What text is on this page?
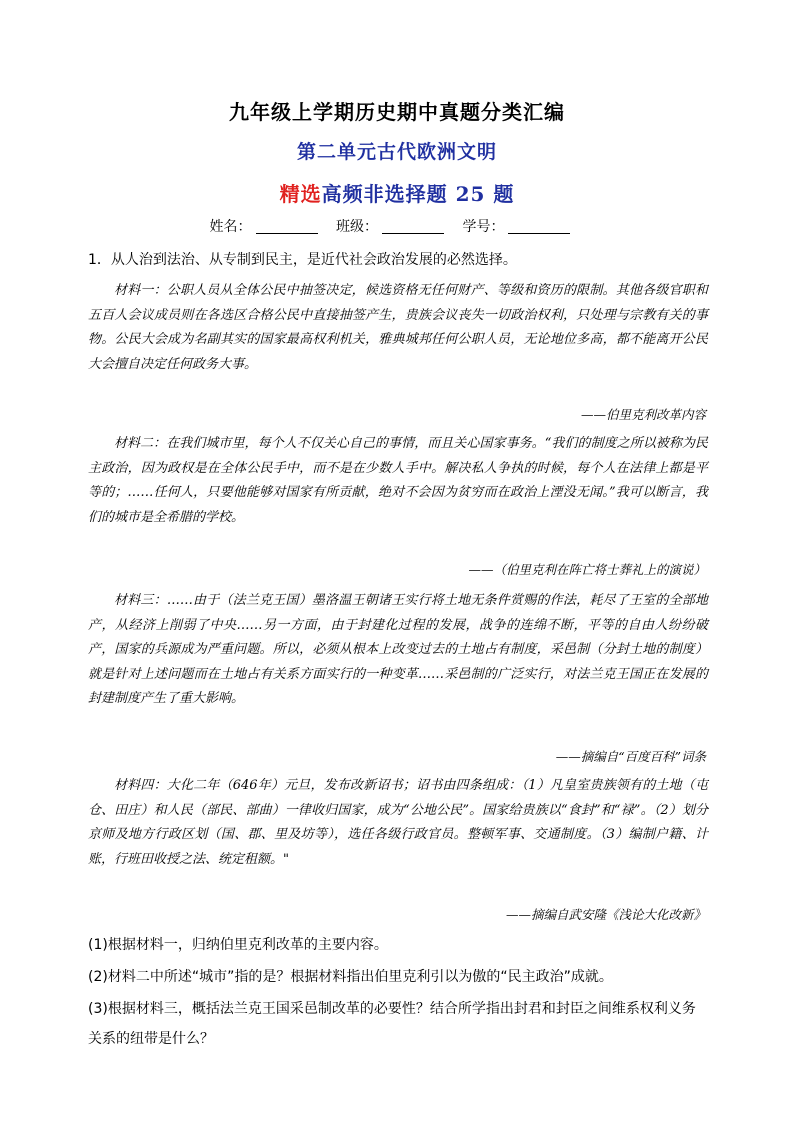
九年级上学期历史期中真题分类汇编
第二单元古代欧洲文明
精选高频非选择题 25 题
姓名：	班级：	学号：
1．从人治到法治、从专制到民主，是近代社会政治发展的必然选择。
材料一：公职人员从全体公民中抽签决定，候选资格无任何财产、等级和资历的限制。其他各级官职和五百人会议成员则在各选区合格公民中直接抽签产生，贵族会议丧失一切政治权利，只处理与宗教有关的事物。公民大会成为名副其实的国家最高权利机关，雅典城邦任何公职人员，无论地位多高，都不能离开公民大会擅自决定任何政务大事。
——伯里克利改革内容
材料二：在我们城市里，每个人不仅关心自己的事情，而且关心国家事务。“我们的制度之所以被称为民主政治，因为政权是在全体公民手中，而不是在少数人手中。解决私人争执的时候，每个人在法律上都是平等的；……任何人，只要他能够对国家有所贡献，绝对不会因为贫穷而在政治上湮没无闻。”我可以断言，我们的城市是全希腊的学校。
——（伯里克利在阵亡将士葬礼上的演说）
材料三：……由于（法兰克王国）墨洛温王朝诸王实行将土地无条件赏赐的作法，耗尽了王室的全部地产，从经济上削弱了中央……另一方面，由于封建化过程的发展，战争的连绵不断，平等的自由人纷纷破产，国家的兵源成为严重问题。所以，必须从根本上改变过去的土地占有制度，采邑制（分封土地的制度）就是针对上述问题而在土地占有关系方面实行的一种变革……采邑制的广泛实行，对法兰克王国正在发展的封建制度产生了重大影响。
——摘编自“百度百科”词条
材料四：大化二年（646年）元旦，发布改新诏书；诏书由四条组成：（1）凡皇室贵族领有的土地（屯仓、田庄）和人民（部民、部曲）一律收归国家，成为“公地公民”。国家给贵族以“食封”和“禄”。（2）划分京师及地方行政区划（国、郡、里及坊等），选任各级行政官员。整顿军事、交通制度。（3）编制户籍、计账，行班田收授之法、统定租额。"
——摘编自武安隆《浅论大化改新》
(1)根据材料一，归纳伯里克利改革的主要内容。
(2)材料二中所述“城市”指的是？根据材料指出伯里克利引以为傲的“民主政治”成就。
(3)根据材料三，概括法兰克王国采邑制改革的必要性？结合所学指出封君和封臣之间维系权利义务关系的纽带是什么？
